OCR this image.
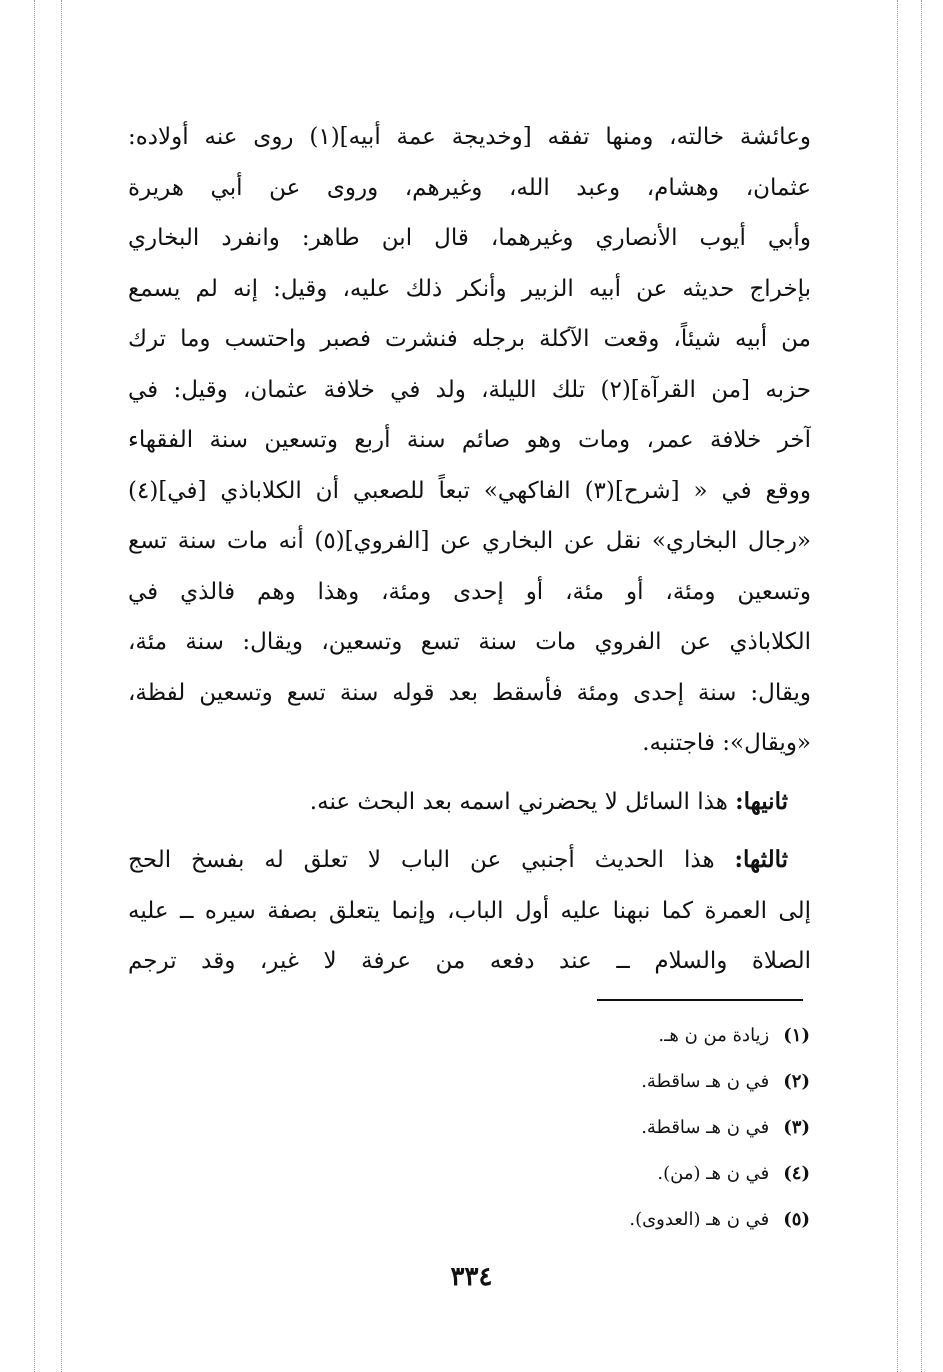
وعائشة خالته، ومنها تفقه [وخديجة عمة أبيه](١) روى عنه أولاده:
عثمان، وهشام، وعبد الله، وغيرهم، وروى عن أبي هريرة
وأبي أيوب الأنصاري وغيرهما، قال ابن طاهر: وانفرد البخاري
بإخراج حديثه عن أبيه الزبير وأنكر ذلك عليه، وقيل: إنه لم يسمع
من أبيه شيئاً، وقعت الآكلة برجله فنشرت فصبر واحتسب وما ترك
حزبه [من القرآة](٢) تلك الليلة، ولد في خلافة عثمان، وقيل: في
آخر خلافة عمر، ومات وهو صائم سنة أربع وتسعين سنة الفقهاء
ووقع في « [شرح](٣) الفاكهي» تبعاً للصعبي أن الكلاباذي [في](٤)
«رجال البخاري» نقل عن البخاري عن [الفروي](٥) أنه مات سنة تسع
وتسعين ومئة، أو مئة، أو إحدى ومئة، وهذا وهم فالذي في
الكلاباذي عن الفروي مات سنة تسع وتسعين، ويقال: سنة مئة،
ويقال: سنة إحدى ومئة فأسقط بعد قوله سنة تسع وتسعين لفظة،
«ويقال»: فاجتنبه.
 ثانيها: هذا السائل لا يحضرني اسمه بعد البحث عنه.
 ثالثها: هذا الحديث أجنبي عن الباب لا تعلق له بفسخ الحج
إلى العمرة كما نبهنا عليه أول الباب، وإنما يتعلق بصفة سيره ــ عليه
الصلاة والسلام ــ عند دفعه من عرفة لا غير، وقد ترجم
(١)زيادة من ن هـ.
(٢)في ن هـ ساقطة.
(٣)في ن هـ ساقطة.
(٤)في ن هـ (من).
(٥)في ن هـ (العدوى).
٣٣٤
